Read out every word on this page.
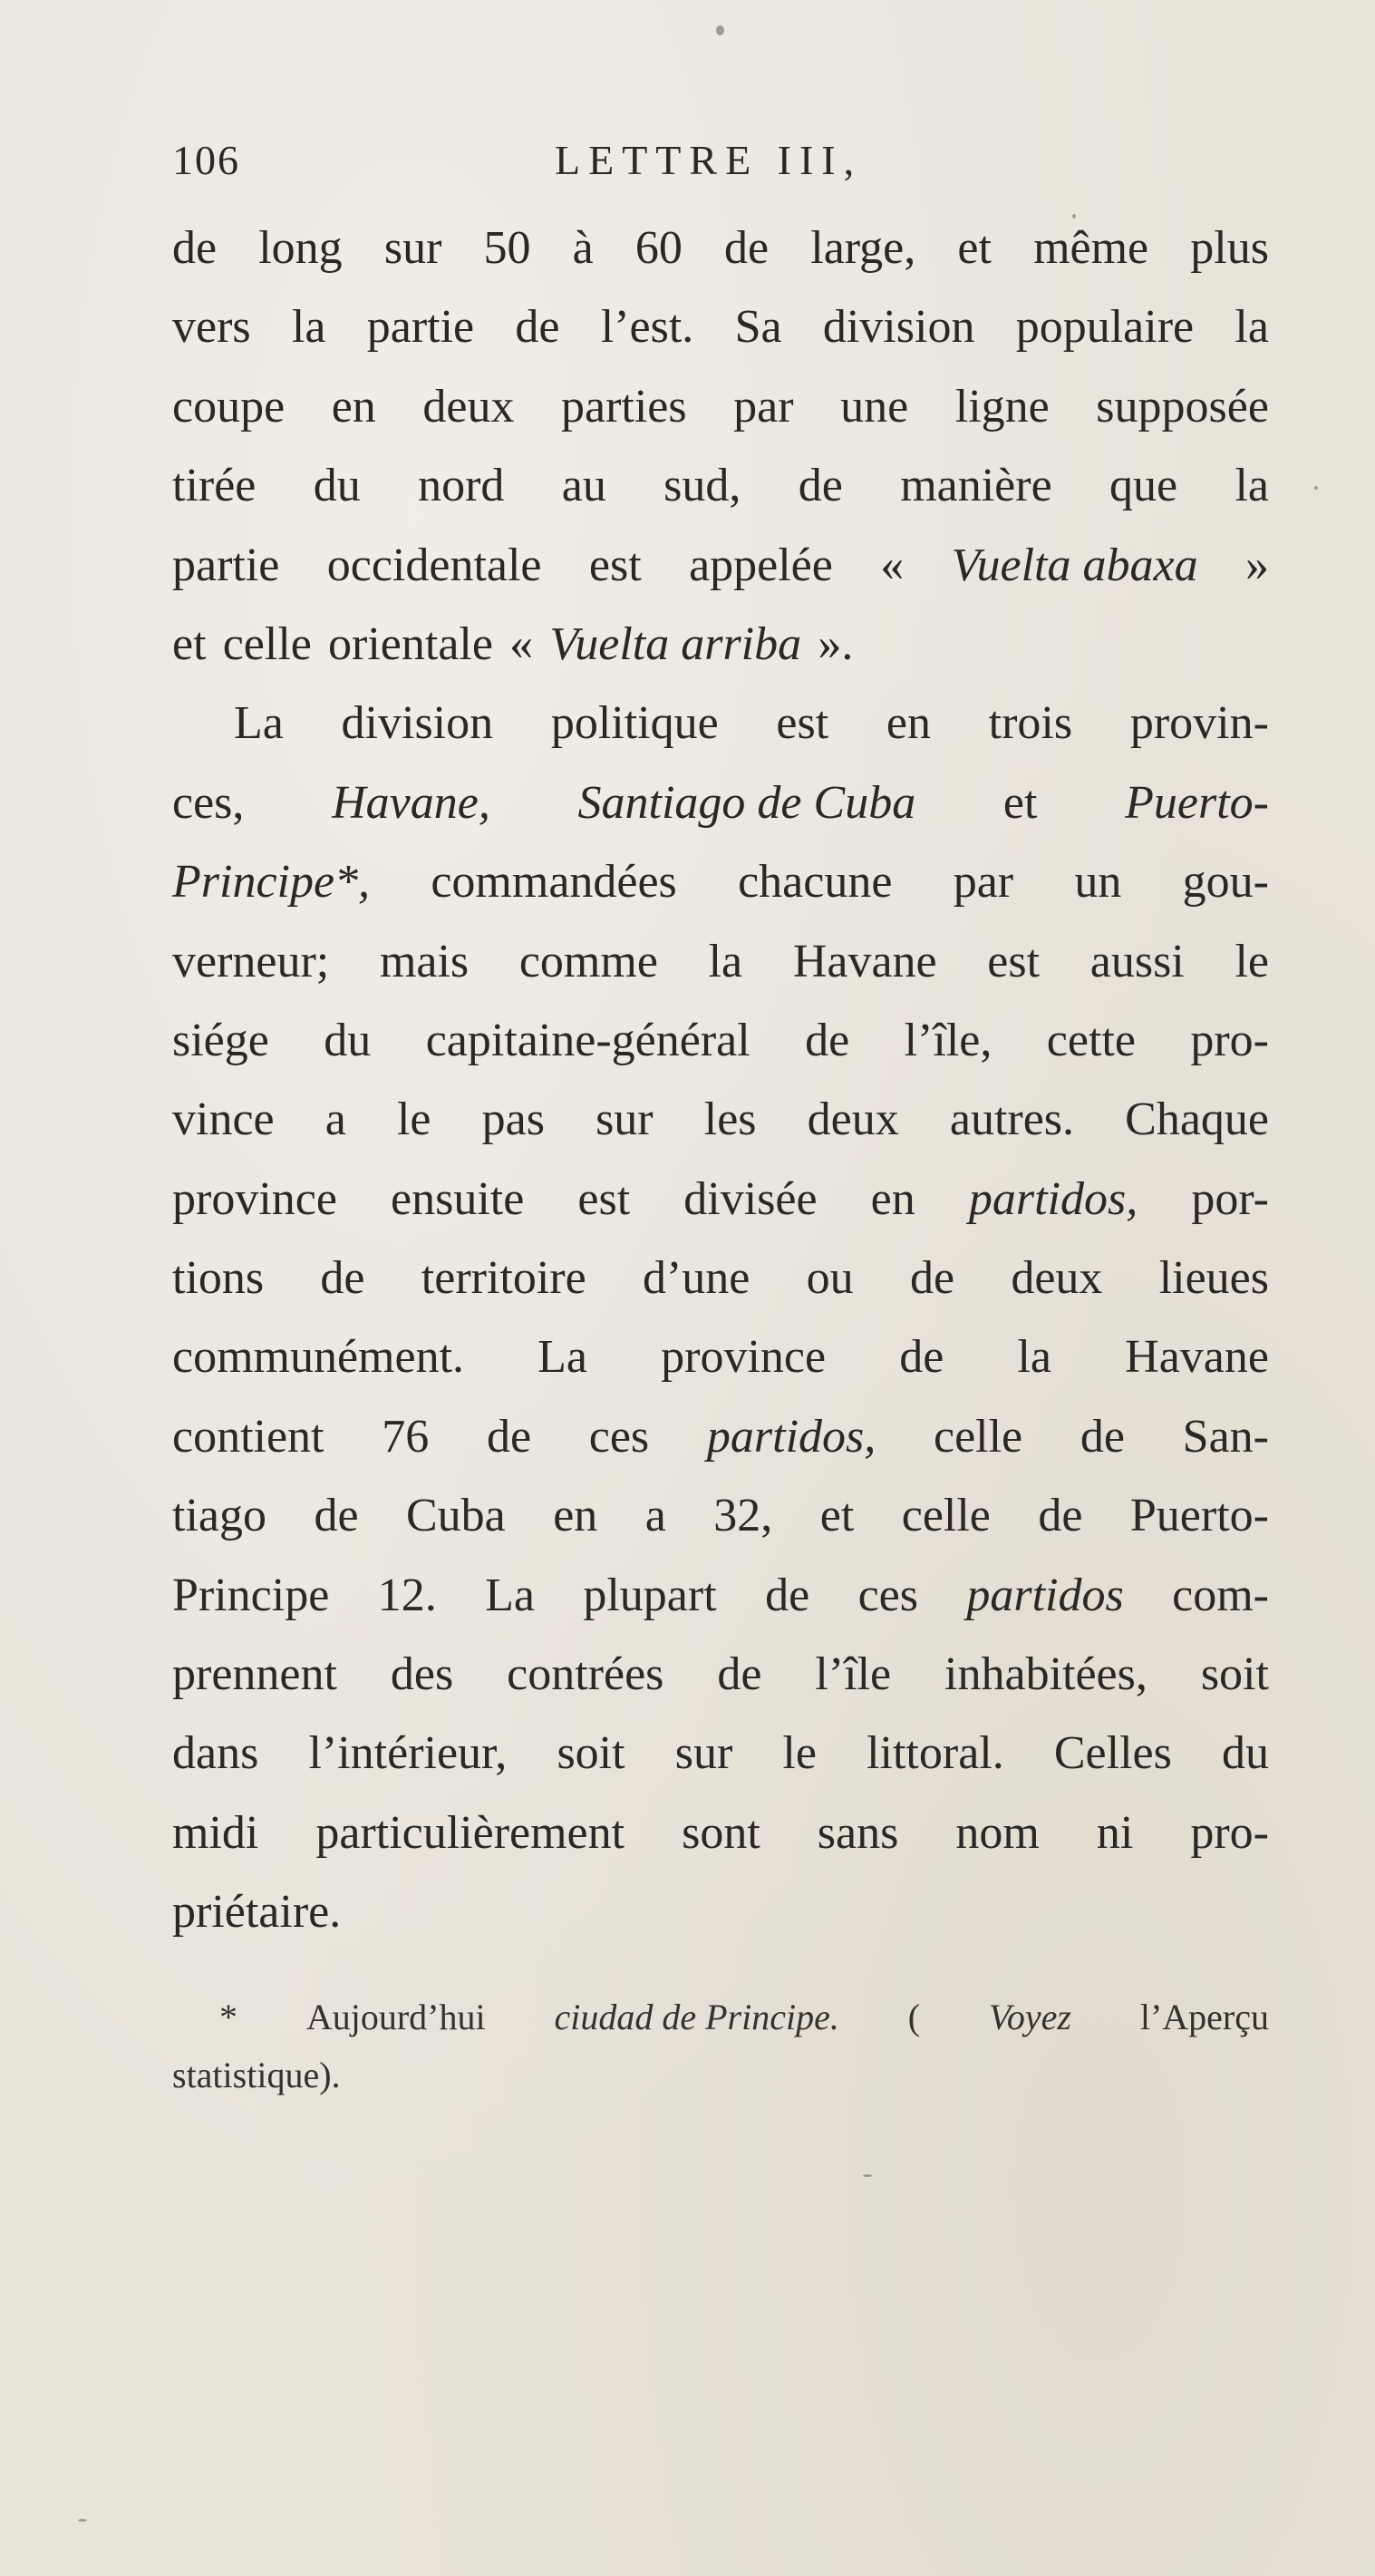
106	LETTRE III,
de long sur 50 à 60 de large, et même plus
vers la partie de l’est. Sa division populaire la
coupe en deux parties par une ligne supposée
tirée du nord au sud, de manière que la
partie occidentale est appelée « Vuelta abaxa »
et celle orientale « Vuelta arriba ».
La division politique est en trois provin-
ces, Havane, Santiago de Cuba et Puerto-
Principe*, commandées chacune par un gou-
verneur; mais comme la Havane est aussi le
siége du capitaine-général de l’île, cette pro-
vince a le pas sur les deux autres. Chaque
province ensuite est divisée en partidos, por-
tions de territoire d’une ou de deux lieues
communément. La province de la Havane
contient 76 de ces partidos, celle de San-
tiago de Cuba en a 32, et celle de Puerto-
Principe 12. La plupart de ces partidos com-
prennent des contrées de l’île inhabitées, soit
dans l’intérieur, soit sur le littoral. Celles du
midi particulièrement sont sans nom ni pro-
priétaire.
* Aujourd’hui ciudad de Principe. ( Voyez l’Aperçu
statistique).
